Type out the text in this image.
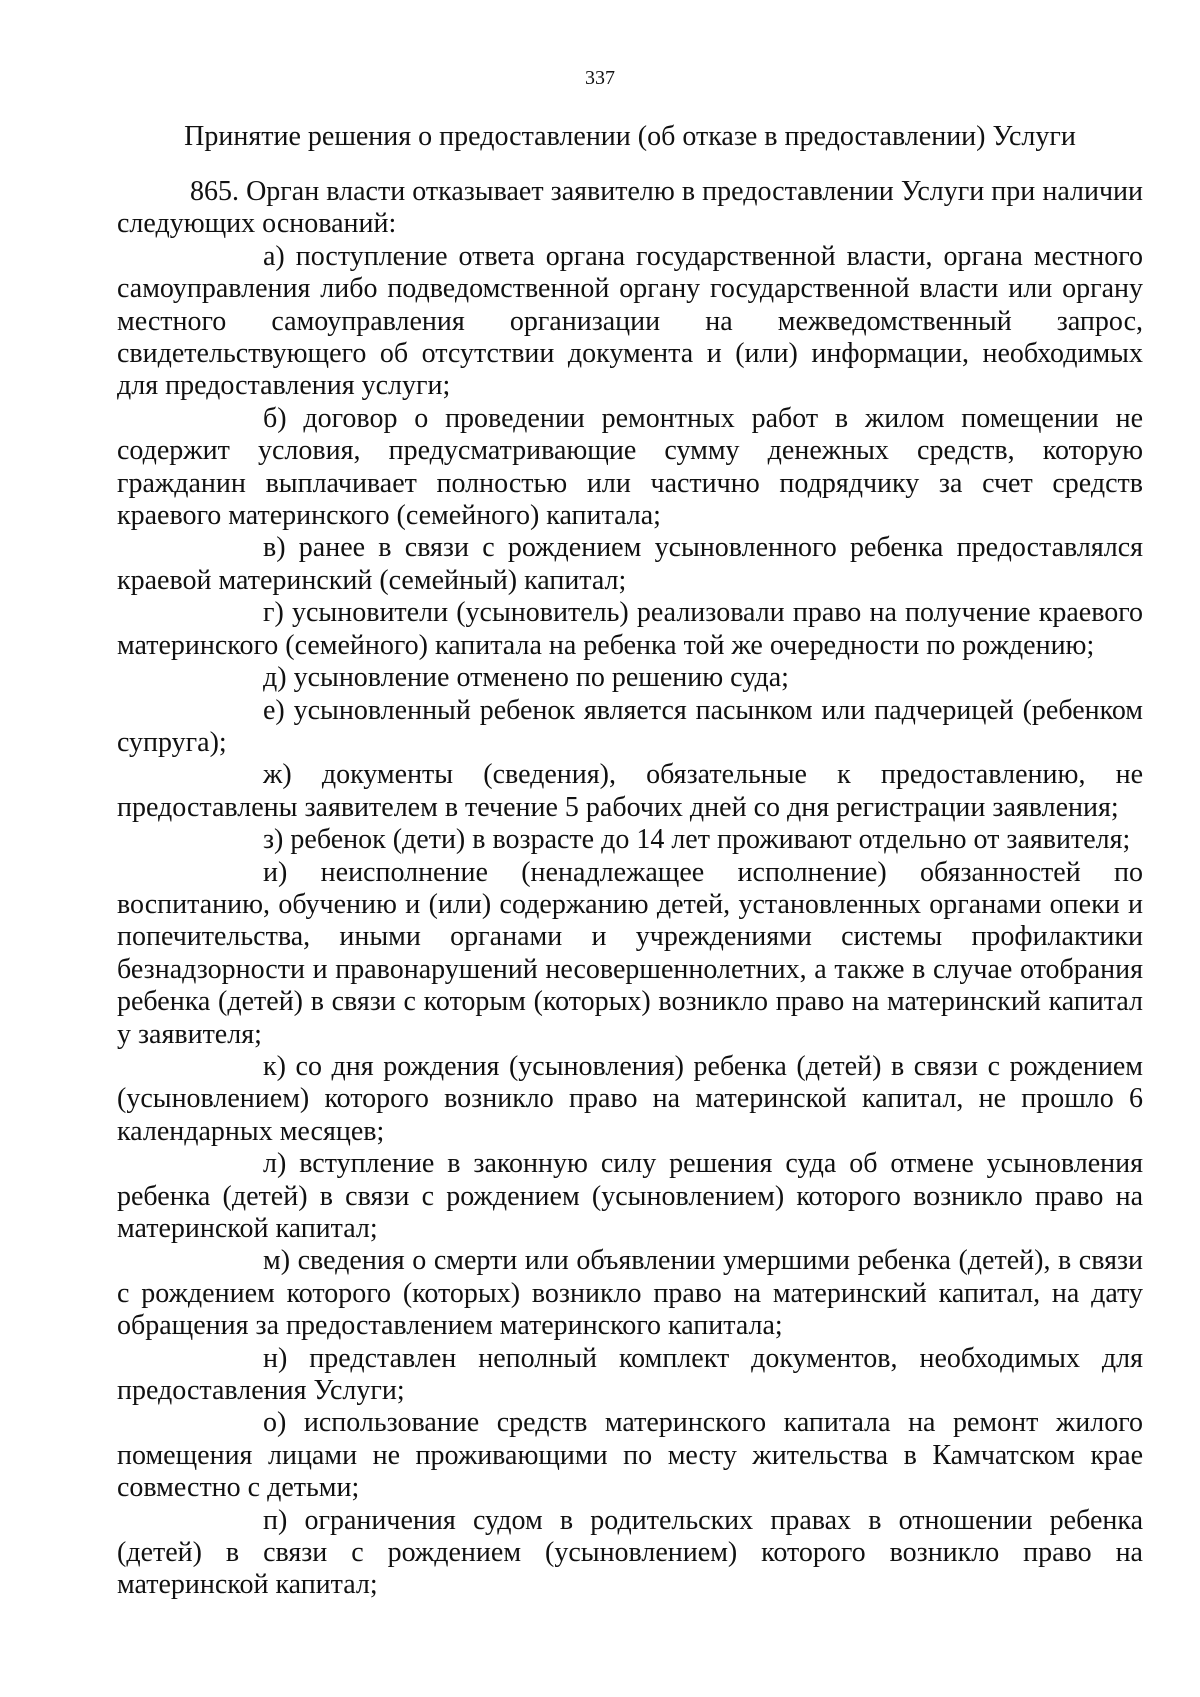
337
Принятие решения о предоставлении (об отказе в предоставлении) Услуги

865. Орган власти отказывает заявителю в предоставлении Услуги при наличии следующих оснований:

а) поступление ответа органа государственной власти, органа местного самоуправления либо подведомственной органу государственной власти или органу местного самоуправления организации на межведомственный запрос, свидетельствующего об отсутствии документа и (или) информации, необходимых для предоставления услуги;

б) договор о проведении ремонтных работ в жилом помещении не содержит условия, предусматривающие сумму денежных средств, которую гражданин выплачивает полностью или частично подрядчику за счет средств краевого материнского (семейного) капитала;

в) ранее в связи с рождением усыновленного ребенка предоставлялся краевой материнский (семейный) капитал;

г) усыновители (усыновитель) реализовали право на получение краевого материнского (семейного) капитала на ребенка той же очередности по рождению;

д) усыновление отменено по решению суда;

е) усыновленный ребенок является пасынком или падчерицей (ребенком супруга);

ж) документы (сведения), обязательные к предоставлению, не предоставлены заявителем в течение 5 рабочих дней со дня регистрации заявления;

з) ребенок (дети) в возрасте до 14 лет проживают отдельно от заявителя;

и) неисполнение (ненадлежащее исполнение) обязанностей по воспитанию, обучению и (или) содержанию детей, установленных органами опеки и попечительства, иными органами и учреждениями системы профилактики безнадзорности и правонарушений несовершеннолетних, а также в случае отобрания ребенка (детей) в связи с которым (которых) возникло право на материнский капитал у заявителя;

к) со дня рождения (усыновления) ребенка (детей) в связи с рождением (усыновлением) которого возникло право на материнской капитал, не прошло 6 календарных месяцев;

л) вступление в законную силу решения суда об отмене усыновления ребенка (детей) в связи с рождением (усыновлением) которого возникло право на материнской капитал;

м) сведения о смерти или объявлении умершими ребенка (детей), в связи с рождением которого (которых) возникло право на материнский капитал, на дату обращения за предоставлением материнского капитала;

н) представлен неполный комплект документов, необходимых для предоставления Услуги;

о) использование средств материнского капитала на ремонт жилого помещения лицами не проживающими по месту жительства в Камчатском крае совместно с детьми;

п) ограничения судом в родительских правах в отношении ребенка (детей) в связи с рождением (усыновлением) которого возникло право на материнской капитал;
